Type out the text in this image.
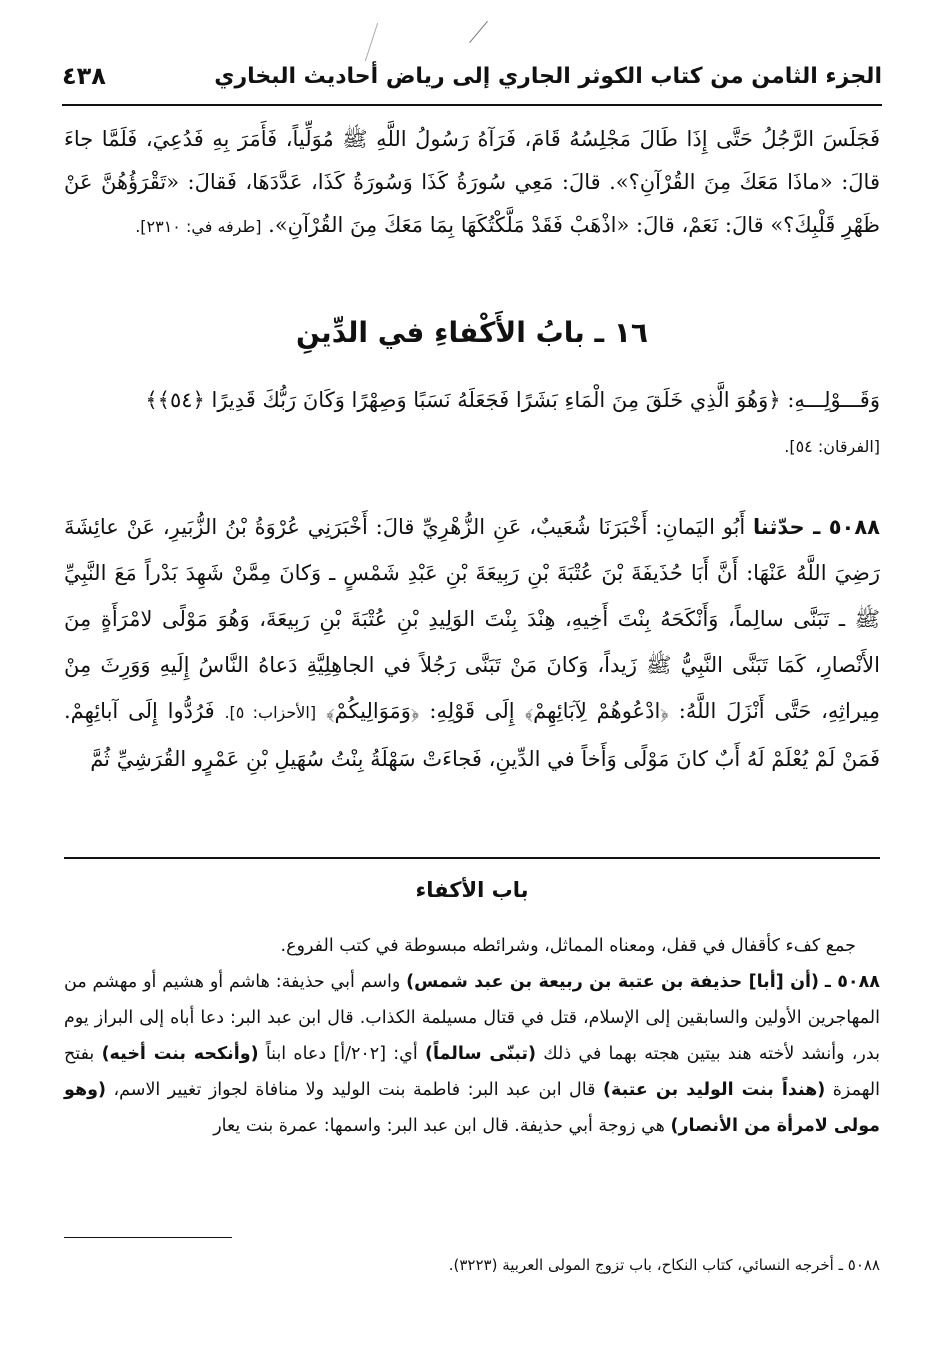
الجزء الثامن من كتاب الكوثر الجاري إلى رياض أحاديث البخاري
٤٣٨
فَجَلَسَ الرَّجُلُ حَتَّى إِذَا طَالَ مَجْلِسُهُ قَامَ، فَرَآهُ رَسُولُ اللَّهِ ﷺ مُوَلِّياً، فَأَمَرَ بِهِ فَدُعِيَ، فَلَمَّا جاءَ قالَ: «ماذَا مَعَكَ مِنَ القُرْآنِ؟». قالَ: مَعِي سُورَةُ كَذَا وَسُورَةُ كَذَا، عَدَّدَهَا، فَقالَ: «تَقْرَؤُهُنَّ عَنْ ظَهْرِ قَلْبِكَ؟» قالَ: نَعَمْ، قالَ: «اذْهَبْ فَقَدْ مَلَّكْتُكَهَا بِمَا مَعَكَ مِنَ القُرْآنِ». [طرفه في: ٢٣١٠].
١٦ ـ بابُ الأَكْفاءِ في الدِّينِ
وَقَـــوْلِـــهِ: ﴿وَهُوَ الَّذِي خَلَقَ مِنَ الْمَاءِ بَشَرًا فَجَعَلَهُ نَسَبًا وَصِهْرًا وَكَانَ رَبُّكَ قَدِيرًا ﴿٥٤﴾﴾
[الفرقان: ٥٤].
٥٠٨٨ ـ حدّثنا أَبُو اليَمانِ: أَخْبَرَنَا شُعَيبٌ، عَنِ الزُّهْرِيِّ قالَ: أَخْبَرَنِي عُرْوَةُ بْنُ الزُّبَيرِ، عَنْ عائِشَةَ رَضِيَ اللَّهُ عَنْهَا: أَنَّ أَبَا حُذَيفَةَ بْنَ عُتْبَةَ بْنِ رَبِيعَةَ بْنِ عَبْدِ شَمْسٍ ـ وَكانَ مِمَّنْ شَهِدَ بَدْراً مَعَ النَّبِيِّ ﷺ ـ تَبَنَّى سالِماً، وَأَنْكَحَهُ بِنْتَ أَخِيهِ، هِنْدَ بِنْتَ الوَلِيدِ بْنِ عُتْبَةَ بْنِ رَبِيعَةَ، وَهُوَ مَوْلًى لامْرَأَةٍ مِنَ الأَنْصارِ، كَمَا تَبَنَّى النَّبِيُّ ﷺ زَيداً، وَكانَ مَنْ تَبَنَّى رَجُلاً في الجاهِلِيَّةِ دَعاهُ النَّاسُ إِلَيهِ وَوَرِثَ مِنْ مِيراثِهِ، حَتَّى أَنْزَلَ اللَّهُ: ﴿ادْعُوهُمْ لِآبَائِهِمْ﴾ إِلَى قَوْلِهِ: ﴿وَمَوَالِيكُمْ﴾ [الأحزاب: ٥]. فَرُدُّوا إِلَى آبائِهِمْ. فَمَنْ لَمْ يُعْلَمْ لَهُ أَبٌ كانَ مَوْلًى وَأَخاً في الدِّينِ، فَجاءَتْ سَهْلَةُ بِنْتُ سُهَيلِ بْنِ عَمْرٍو القُرَشِيِّ ثُمَّ
باب الأكفاء
جمع كفء كأقفال في قفل، ومعناه المماثل، وشرائطه مبسوطة في كتب الفروع.
٥٠٨٨ ـ (أن [أبا] حذيفة بن عتبة بن ربيعة بن عبد شمس) واسم أبي حذيفة: هاشم أو هشيم أو مهشم من المهاجرين الأولين والسابقين إلى الإسلام، قتل في قتال مسيلمة الكذاب. قال ابن عبد البر: دعا أباه إلى البراز يوم بدر، وأنشد لأخته هند بيتين هجته بهما في ذلك (تبنّى سالماً) أي: [٢٠٢/أ] دعاه ابناً (وأنكحه بنت أخيه) بفتح الهمزة (هنداً بنت الوليد بن عتبة) قال ابن عبد البر: فاطمة بنت الوليد ولا منافاة لجواز تغيير الاسم، (وهو مولى لامرأة من الأنصار) هي زوجة أبي حذيفة. قال ابن عبد البر: واسمها: عمرة بنت يعار
٥٠٨٨ ـ أخرجه النسائي، كتاب النكاح، باب تزوج المولى العربية (٣٢٢٣).
